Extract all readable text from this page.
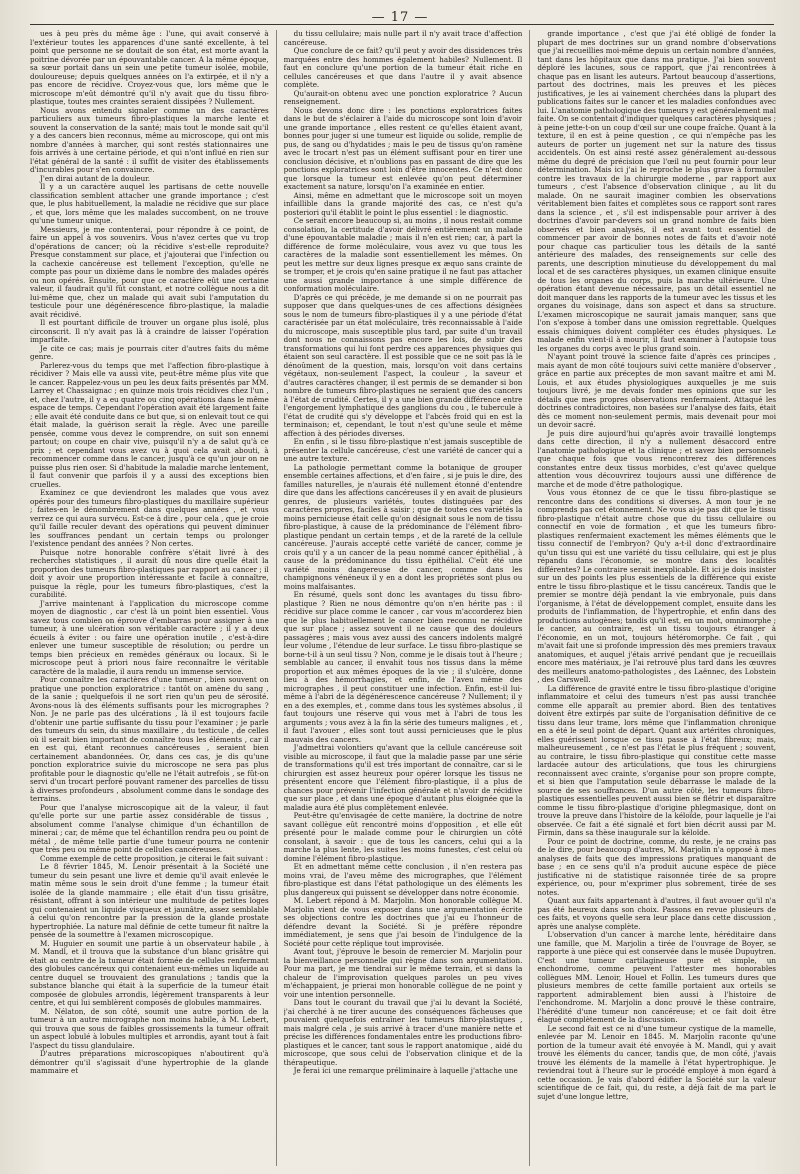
— 17 —

ues à peu près du même âge : l'une, qui avait conservé à l'extérieur toutes les apparences d'une santé excellente, à tel point que personne ne se doutait de son état, est morte avant la poitrine dévorée par un épouvantable cancer. A la même époque, sa sœur portait dans un sein une petite tumeur isolée, mobile, douloureuse; depuis quelques années on l'a extirpée, et il n'y a pas encore de récidive. Croyez-vous que, lors même que le microscope m'eût démontré qu'il n'y avait que du tissu fibro-plastique, toutes mes craintes seraient dissipées ? Nullement.

Nous avons entendu signaler comme un des caractères particuliers aux tumeurs fibro-plastiques la marche lente et souvent la conservation de la santé; mais tout le monde sait qu'il y a des cancers bien reconnus, même au microscope, qui ont mis nombre d'années à marcher, qui sont restés stationnaires une fois arrivés à une certaine période, et qui n'ont influé en rien sur l'état général de la santé : il suffit de visiter des établissements d'incurables pour s'en convaincre.

J'en dirai autant de la douleur.

Il y a un caractère auquel les partisans de cette nouvelle classification semblent attacher une grande importance ; c'est que, le plus habituellement, la maladie ne récidive que sur place , et que, lors même que les malades succombent, on ne trouve qu'une tumeur unique.

Messieurs, je me contenterai, pour répondre à ce point, de faire un appel à vos souvenirs. Vous n'avez certes que vu trop d'opérations de cancer; où la récidive s'est-elle reproduite? Presque constamment sur place, et j'ajouterai que l'infection ou la cachexie cancéreuse est tellement l'exception, qu'elle ne compte pas pour un dixième dans le nombre des malades opérés ou non opérés. Ensuite, pour que ce caractère eût une certaine valeur, il faudrait qu'il fût constant, et notre collègue nous a dit lui-même que, chez un malade qui avait subi l'amputation du testicule pour une dégénérescence fibro-plastique, la maladie avait récidivé.

Il est pourtant difficile de trouver un organe plus isolé, plus circonscrit. Il n'y avait pas là à craindre de laisser l'opération imparfaite.

Je cite ce cas; mais je pourrais citer d'autres faits du même genre.

Parlerez-vous du temps que met l'affection fibro-plastique à récidiver ? Mais elle va aussi vite, peut-être même plus vite que le cancer. Rappelez-vous un peu les deux faits présentés par MM. Larrey et Chassaignac ; en quinze mois trois récidives chez l'un , et, chez l'autre, il y a eu quatre ou cinq opérations dans le même espace de temps. Cependant l'opération avait été largement faite ; elle avait été conduite dans ce but que, si on enlevait tout ce qui était malade, la guérison serait la règle. Avec une pareille pensée, comme vous devez le comprendre, on suit son ennemi partout; on coupe en chair vive, puisqu'il n'y a de salut qu'à ce prix ; et cependant vous avez vu à quoi cela avait abouti, à recommencer comme dans le cancer, jusqu'à ce qu'un jour on ne puisse plus rien oser. Si d'habitude la maladie marche lentement, il faut convenir que parfois il y a aussi des exceptions bien cruelles.

Examinez ce que deviendront les malades que vous avez opérés pour des tumeurs fibro-plastiques du maxillaire supérieur ; faites-en le dénombrement dans quelques années , et vous verrez ce qui aura survécu. Est-ce à dire , pour cela , que je croie qu'il faille reculer devant des opérations qui peuvent diminuer les souffrances pendant un certain temps ou prolonger l'existence pendant des années ? Non certes.

Puisque notre honorable confrère s'était livré à des recherches statistiques , il aurait dû nous dire quelle était la proportion des tumeurs fibro-plastiques par rapport au cancer ; il doit y avoir une proportion intéressante et facile à connaître, puisque la règle, pour les tumeurs fibro-plastiques, c'est la curabilité.

J'arrive maintenant à l'application du microscope comme moyen de diagnostic , car c'est là un point bien essentiel. Vous savez tous combien on éprouve d'embarras pour assigner à une tumeur, à une ulcération son véritable caractère ; il y a deux écueils à éviter : ou faire une opération inutile , c'est-à-dire enlever une tumeur susceptible de résolution; ou perdre un temps bien précieux en remèdes généraux ou locaux. Si le microscope peut à priori nous faire reconnaître le véritable caractère de la maladie, il aura rendu un immense service.

Pour connaître les caractères d'une tumeur , bien souvent on pratique une ponction exploratrice : tantôt on amène du sang , de la sanie ; quelquefois il ne sort rien qu'un peu de sérosité. Avons-nous là des éléments suffisants pour les micrographes ? Non. Je ne parle pas des ulcérations , là il est toujours facile d'obtenir une partie suffisante du tissu pour l'examiner ; je parle des tumeurs du sein, du sinus maxillaire , du testicule , de celles où il serait bien important de connaître tous les éléments , car il en est qui, étant reconnues cancéreuses , seraient bien certainement abandonnées. Or, dans ces cas, je dis qu'une ponction exploratrice suivie du microscope ne sera pas plus profitable pour le diagnostic qu'elle ne l'était autrefois , se fût-on servi d'un trocart perforé pouvant ramener des parcelles de tissu à diverses profondeurs , absolument comme dans le sondage des terrains.

Pour que l'analyse microscopique ait de la valeur, il faut qu'elle porte sur une partie assez considérable de tissus , absolument comme l'analyse chimique d'un échantillon de minerai ; car, de même que tel échantillon rendra peu ou point de métal , de même telle partie d'une tumeur pourra ne contenir que très peu ou même point de cellules cancéreuses.

Comme exemple de cette proposition, je citerai le fait suivant :

Le 8 février 1845, M. Lenoir présentait à la Société une tumeur du sein pesant une livre et demie qu'il avait enlevée le matin même sous le sein droit d'une femme ; la tumeur était isolée de la glande mammaire ; elle était d'un tissu grisâtre, résistant, offrant à son intérieur une multitude de petites loges qui contenaient un liquide visqueux et jaunâtre, assez semblable à celui qu'on rencontre par la pression de la glande prostate hypertrophiée. La nature mal définie de cette tumeur fit naître la pensée de la soumettre à l'examen microscopique.

M. Huguier en soumit une partie à un observateur habile , à M. Mandl, et il trouva que la substance d'un blanc grisâtre qui était au centre de la tumeur était formée de cellules renfermant des globules cancéreux qui contenaient eux-mêmes un liquide au centre duquel se trouvaient des granulations ; tandis que la substance blanche qui était à la superficie de la tumeur était composée de globules arrondis, légèrement transparents à leur centre, et qui lui semblèrent composés de globules mammaires.

M. Nélaton, de son côté, soumit une autre portion de la tumeur à un autre micrographe non moins habile, à M. Lebert, qui trouva que sous de faibles grossissements la tumeur offrait un aspect lobulé à lobules multiples et arrondis, ayant tout à fait l'aspect du tissu glandulaire.

D'autres préparations microscopiques n'aboutirent qu'à démontrer qu'il s'agissait d'une hypertrophie de la glande mammaire et

du tissu cellulaire; mais nulle part il n'y avait trace d'affection cancéreuse.

Que conclure de ce fait? qu'il peut y avoir des dissidences très marquées entre des hommes également habiles? Nullement. Il faut en conclure qu'une portion de la tumeur était riche en cellules cancéreuses et que dans l'autre il y avait absence complète.

Qu'aurait-on obtenu avec une ponction exploratrice ? Aucun renseignement.

Nous devons donc dire : les ponctions exploratrices faites dans le but de s'éclairer à l'aide du microscope sont loin d'avoir une grande importance , elles restent ce qu'elles étaient avant, bonnes pour juger si une tumeur est liquide ou solide, remplie de pus, de sang ou d'hydatides ; mais le peu de tissus qu'on ramène avec le trocart n'est pas un élément suffisant pour en tirer une conclusion décisive, et n'oublions pas en passant de dire que les ponctions exploratrices sont loin d'être innocentes. Ce n'est donc que lorsque la tumeur est enlevée qu'on peut déterminer exactement sa nature, lorsqu'on l'a examinée en entier.

Ainsi, même en admettant que le microscope soit un moyen infaillible dans la grande majorité des cas, ce n'est qu'a posteriori qu'il établit le point le plus essentiel : le diagnostic.

Ce serait encore beaucoup si, au moins , il nous restait comme consolation, la certitude d'avoir délivré entièrement un malade d'une épouvantable maladie ; mais il n'en est rien; car, à part la différence de forme moléculaire, vous avez vu que tous les caractères de la maladie sont essentiellement les mêmes. On peut les mettre sur deux lignes presque ex æquo sans crainte de se tromper, et je crois qu'en saine pratique il ne faut pas attacher une aussi grande importance à une simple différence de conformation moléculaire.

D'après ce qui précède, je me demande si on ne pourrait pas supposer que dans quelques-unes de ces affections désignées sous le nom de tumeurs fibro-plastiques il y a une période d'état caractérisée par un état moléculaire, très reconnaissable à l'aide du microscope, mais susceptible plus tard, par suite d'un travail dont nous ne connaissons pas encore les lois, de subir des transformations qui lui font perdre ces apparences physiques qui étaient son seul caractère. Il est possible que ce ne soit pas là le dénoûment de la question, mais, lorsqu'on voit dans certains végétaux, non-seulement l'aspect, la couleur , la saveur et d'autres caractères changer, il est permis de se demander si bon nombre de tumeurs fibro-plastiques ne seraient que des cancers à l'état de crudité. Certes, il y a une bien grande différence entre l'engorgement lymphatique des ganglions du cou , le tubercule à l'état de crudité qui s'y développe et l'abcès froid qui en est la terminaison; et, cependant, le tout n'est qu'une seule et même affection à des périodes diverses.

En enfin , si le tissu fibro-plastique n'est jamais susceptible de présenter la cellule cancéreuse, c'est une variété de cancer qui a une autre texture.

La pathologie permettant comme la botanique de grouper ensemble certaines affections, et d'en faire , si je puis le dire, des familles naturelles, je n'aurais été nullement étonné d'entendre dire que dans les affections cancéreuses il y en avait de plusieurs genres, de plusieurs variétés, toutes distinguées par des caractères propres, faciles à saisir ; que de toutes ces variétés la moins pernicieuse était celle qu'on désignait sous le nom de tissu fibro-plastique, à cause de la prédominance de l'élément fibro-plastique pendant un certain temps , et de la rareté de la cellule cancéreuse. J'aurais accepté cette variété de cancer, comme je crois qu'il y a un cancer de la peau nommé cancer épithélial , à cause de la prédominance du tissu épithélial. C'eût été une variété moins dangereuse de cancer, comme dans les champignons vénéneux il y en a dont les propriétés sont plus ou moins malfaisantes.

En résumé, quels sont donc les avantages du tissu fibro-plastique ? Rien ne nous démontre qu'on n'en hérite pas : il récidive sur place comme le cancer , car vous m'accorderez bien que le plus habituellement le cancer bien reconnu ne récidive que sur place ; assez souvent il ne cause que des douleurs passagères ; mais vous avez aussi des cancers indolents malgré leur volume , l'étendue de leur surface. Le tissu fibro-plastique se borne-t-il à un seul tissu ? Non, comme je le disais tout à l'heure ; semblable au cancer, il envahit tous nos tissus dans la même proportion et aux mêmes époques de la vie ; il s'ulcère, donne lieu à des hémorrhagies, et enfin, de l'aveu même des micrographes , il peut constituer une infection. Enfin, est-il lui-même à l'abri de la dégénérescence cancéreuse ? Nullement; il y en a des exemples, et , comme dans tous les systèmes absolus , il faut toujours une réserve qui vous met à l'abri de tous les arguments ; vous avez à la fin la série des tumeurs malignes , et , il faut l'avouer , elles sont tout aussi pernicieuses que le plus mauvais des cancers.

J'admettrai volontiers qu'avant que la cellule cancéreuse soit visible au microscope, il faut que la maladie passe par une série de transformations qu'il est très important de connaître, car si le chirurgien est assez heureux pour opérer lorsque les tissus ne présentent encore que l'élément fibro-plastique, il a plus de chances pour prévenir l'infection générale et n'avoir de récidive que sur place , et dans une époque d'autant plus éloignée que la maladie aura été plus complètement enlevée.

Peut-être qu'envisagée de cette manière, la doctrine de notre savant collègue eût rencontré moins d'opposition , et elle eût présenté pour le malade comme pour le chirurgien un côté consolant, à savoir : que de tous les cancers, celui qui a la marche la plus lente, les suites les moins funestes, c'est celui où domine l'élément fibro-plastique.

Et en admettant même cette conclusion , il n'en restera pas moins vrai, de l'aveu même des micrographes, que l'élément fibro-plastique est dans l'état pathologique un des éléments les plus dangereux qui puissent se développer dans notre économie.

M. Lebert répond à M. Marjolin. Mon honorable collègue M. Marjolin vient de vous exposer dans une argumentation écrite ses objections contre les doctrines que j'ai eu l'honneur de défendre devant la Société. Si je préfère répondre immédiatement, je sens que j'ai besoin de l'indulgence de la Société pour cette réplique tout improvisée.

Avant tout, j'éprouve le besoin de remercier M. Marjolin pour la bienveillance personnelle qui règne dans son argumentation. Pour ma part, je me tiendrai sur le même terrain, et si dans la chaleur de l'improvisation quelques paroles un peu vives m'échappaient, je prierai mon honorable collègue de ne point y voir une intention personnelle.

Dans tout le courant du travail que j'ai lu devant la Société, j'ai cherché à ne tirer aucune des conséquences fâcheuses que pouvaient quelquefois entraîner les tumeurs fibro-plastiques , mais malgré cela , je suis arrivé à tracer d'une manière nette et précise les différences fondamentales entre les productions fibro-plastiques et le cancer, tant sous le rapport anatomique , aidé du microscope, que sous celui de l'observation clinique et de la thérapeutique.

Je ferai ici une remarque préliminaire à laquelle j'attache une

grande importance , c'est que j'ai été obligé de fonder la plupart de mes doctrines sur un grand nombre d'observations que j'ai recueillies moi-même depuis un certain nombre d'années, tant dans les hôpitaux que dans ma pratique. J'ai bien souvent déploré les lacunes, sous ce rapport, que j'ai rencontrées à chaque pas en lisant les auteurs. Partout beaucoup d'assertions, partout des doctrines, mais les preuves et les pièces justificatives, je les ai vainement cherchées dans la plupart des publications faites sur le cancer et les maladies confondues avec lui. L'anatomie pathologique des tumeurs y est généralement mal faite. On se contentait d'indiquer quelques caractères physiques ; à peine jette-t-on un coup d'œil sur une coupe fraîche. Quant à la texture, il en est à peine question , ce qui n'empêche pas les auteurs de porter un jugement net sur la nature des tissus accidentels. On est ainsi resté assez généralement au-dessous même du degré de précision que l'œil nu peut fournir pour leur détermination. Mais ici j'ai le reproche le plus grave à formuler contre les travaux de la chirurgie moderne , par rapport aux tumeurs , c'est l'absence d'observation clinique , au lit du malade. On ne saurait imaginer combien les observations véritablement bien faites et complètes sous ce rapport sont rares dans la science , et , s'il est indispensable pour arriver à des doctrines d'avoir par-devers soi un grand nombre de faits bien observés et bien analysés, il est avant tout essentiel de commencer par avoir de bonnes notes de faits et d'avoir noté pour chaque cas particulier tous les détails de la santé antérieure des malades, des renseignements sur celle des parents, une description minutieuse du développement du mal local et de ses caractères physiques, un examen clinique ensuite de tous les organes du corps, puis la marche ultérieure. Une opération étant devenue nécessaire, pas un détail essentiel ne doit manquer dans les rapports de la tumeur avec les tissus et les organes du voisinage, dans son aspect et dans sa structure. L'examen microscopique ne saurait jamais manquer, sans que l'on s'expose à tomber dans une omission regrettable. Quelques essais chimiques doivent compléter ces études physiques. Le malade enfin vient-il à mourir, il faut examiner à l'autopsie tous les organes du corps avec le plus grand soin.

N'ayant point trouvé la science faite d'après ces principes , mais ayant de mon côté toujours suivi cette manière d'observer , grâce en partie aux préceptes de mon savant maître et ami M. Louis, et aux études physiologiques auxquelles je me suis toujours livré, je me devais fonder mes opinions que sur les détails que mes propres observations renfermaient. Attaqué les doctrines contradictoires, non basées sur l'analyse des faits, était dès ce moment non-seulement permis, mais devenait pour moi un devoir sacré.

Je puis dire aujourd'hui qu'après avoir travaillé longtemps dans cette direction, il n'y a nullement désaccord entre l'anatomie pathologique et la clinique ; et savez bien personnels que chaque fois que vous rencontrerez des différences constantes entre deux tissus morbides, c'est qu'avec quelque attention vous découvrirez toujours aussi une différence de marche et de mode d'être pathologique.

Vous vous étonnez de ce que le tissu fibro-plastique se rencontre dans des conditions si diverses. A mon tour je ne comprends pas cet étonnement. Ne vous ai-je pas dit que le tissu fibro-plastique n'était autre chose que du tissu cellulaire ou connectif en voie de formation , et que les tumeurs fibro-plastiques renfermaient exactement les mêmes éléments que le tissu connectif de l'embryon? Qu'y a-t-il donc d'extraordinaire qu'un tissu qui est une variété du tissu cellulaire, qui est je plus répandu dans l'économie, se montre dans des localités différentes? Le contraire serait inexplicable. Et ici je dois insister sur un des points les plus essentiels de la différence qui existe entre le tissu fibro-plastique et le tissu cancéreux. Tandis que le premier se montre déjà pendant la vie embryonale, puis dans l'organisme, à l'état de développement complet, ensuite dans les produits de l'inflammation, de l'hypertrophie, et enfin dans des productions autogènes; tandis qu'il est, en un mot, omnimorphe ; le cancer, au contraire, est un tissu toujours étranger à l'économie, en un mot, toujours hétéromorphe. Ce fait , qui m'avait fait une si profonde impression dès mes premiers travaux anatomiques, et auquel j'étais arrivé pendant que je recueillais encore mes matériaux, je l'ai retrouvé plus tard dans les œuvres des meilleurs anatomo-pathologistes , des Laënnec, des Lobstein , des Carswell.

La différence de gravité entre le tissu fibro-plastique d'origine inflammatoire et celui des tumeurs n'est pas aussi tranchée comme elle apparaît au premier abord. Bien des tentatives doivent être extirpés par suite de l'organisation définitive de ce tissu dans leur trame, lors même que l'inflammation chronique en a été le seul point de départ. Quant aux artérites chroniques, elles guérissent lorsque ce tissu passe à l'état fibreux; mais, malheureusement , ce n'est pas l'état le plus fréquent ; souvent, au contraire, le tissu fibro-plastique qui constitue cette masse lardacée autour des articulations, que tous les chirurgiens reconnaissent avec crainte, s'organise pour son propre compte, et si bien que l'amputation seule débarrasse le malade de la source de ses souffrances. D'un autre côté, les tumeurs fibro-plastiques essentielles peuvent aussi bien se flétrir et disparaître comme le tissu fibro-plastique d'origine phlegmasique, dont on trouve la preuve dans l'histoire de la kéloïde, pour laquelle je l'ai observée. Ce fait a été signalé et fort bien décrit aussi par M. Firmin, dans sa thèse inaugurale sur la kéloïde.

Pour ce point de doctrine, comme, du reste, je ne crains pas de le dire, pour beaucoup d'autres, M. Marjolin n'a opposé à mes analyses de faits que des impressions pratiques manquant de base ; en ce sens qu'il n'a produit aucune espèce de pièce justificative ni de statistique raisonnée tirée de sa propre expérience, ou, pour m'exprimer plus sobrement, tirée de ses notes.

Quant aux faits appartenant à d'autres, il faut avouer qu'il n'a pas été heureux dans son choix. Passons en revue plusieurs de ces faits, et voyons quelle sera leur place dans cette discussion , après une analyse complète.

L'observation d'un cancer à marche lente, héréditaire dans une famille, que M. Marjolin a tirée de l'ouvrage de Boyer, se rapporte à une pièce qui est conservée dans le musée Dupuytren. C'est une tumeur cartilagineuse pure et simple, un enchondrome, comme peuvent l'attester mes honorables collègues MM. Lenoir, Houel et Follin. Les tumeurs dures que plusieurs membres de cette famille portaient aux orteils se rapportent admirablement bien aussi à l'histoire de l'enchondrome. M. Marjolin a donc prouvé le thèse contraire, l'hérédité d'une tumeur non cancéreuse; et ce fait doit être élagué complètement de la discussion.

Le second fait est ce ni d'une tumeur cystique de la mamelle, enlevée par M. Lenoir en 1845. M. Marjolin raconte qu'une portion de la tumeur avait été envoyée à M. Mandl, qui y avait trouvé les éléments du cancer, tandis que, de mon côté, j'avais trouvé les éléments de la mamelle à l'état hypertrophique. Je reviendrai tout à l'heure sur le procédé employé à mon égard à cette occasion. Je vais d'abord édifier la Société sur la valeur scientifique de ce fait, qui, du reste, a déjà fait de ma part le sujet d'une longue lettre,
